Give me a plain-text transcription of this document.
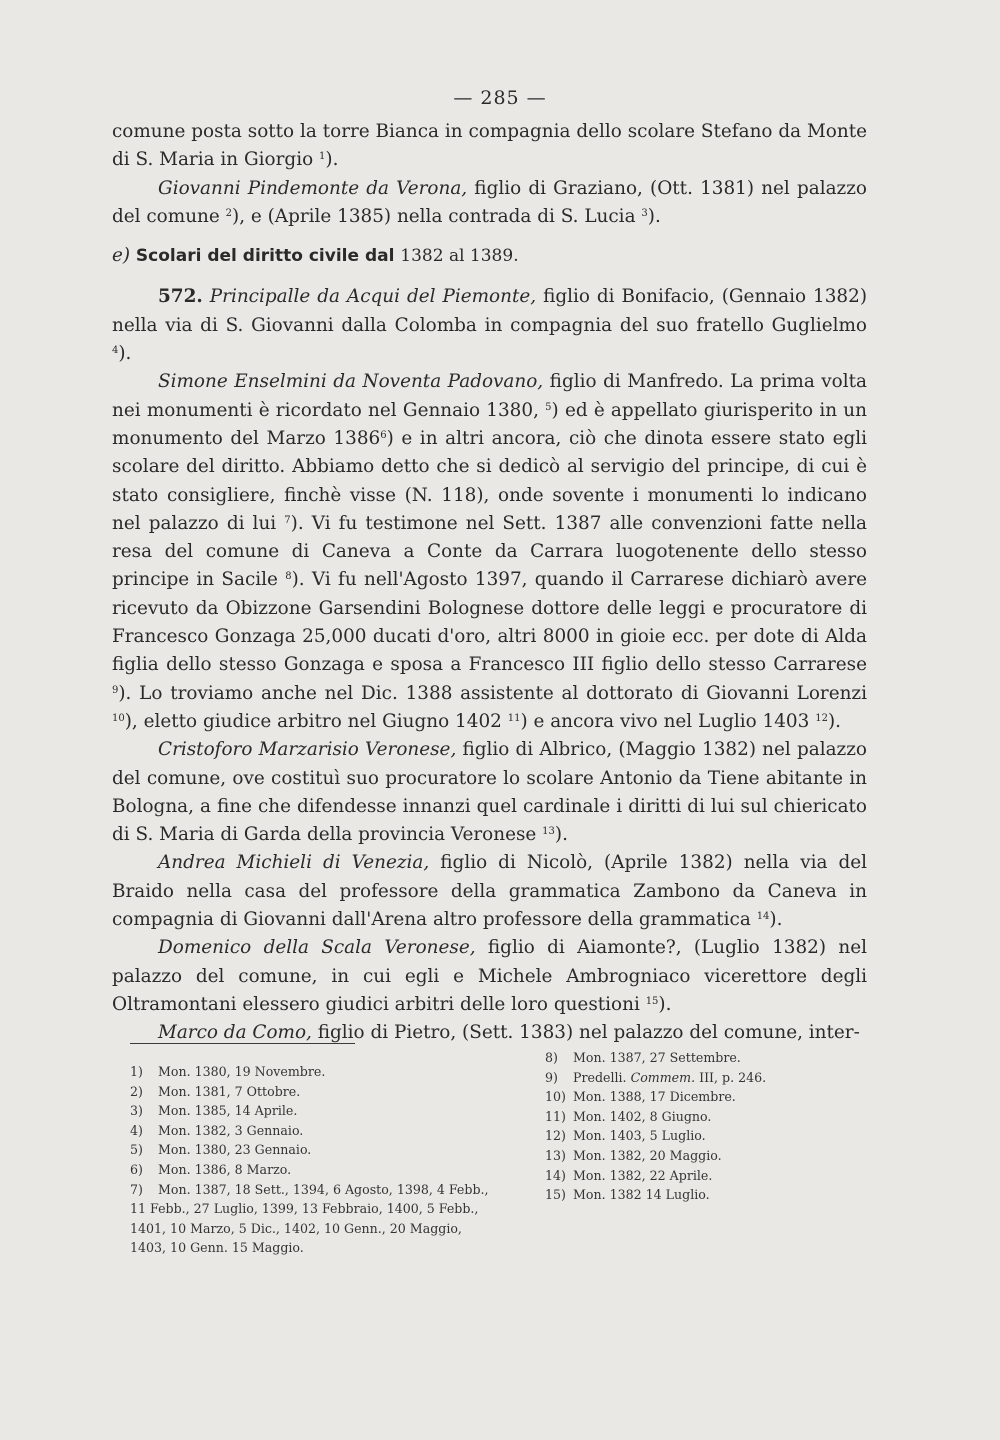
— 285 —

comune posta sotto la torre Bianca in compagnia dello scolare Stefano da Monte di S. Maria in Giorgio $^1$).

Giovanni Pindemonte da Verona, figlio di Graziano, (Ott. 1381) nel palazzo del comune $^2$), e (Aprile 1385) nella contrada di S. Lucia $^3$).

e) Scolari del diritto civile dal 1382 al 1389.

572. Principalle da Acqui del Piemonte, figlio di Bonifacio, (Gennaio 1382) nella via di S. Giovanni dalla Colomba in compagnia del suo fratello Guglielmo $^4$).

Simone Enselmini da Noventa Padovano, figlio di Manfredo. La prima volta nei monumenti è ricordato nel Gennaio 1380, $^5$) ed è appellato giurisperito in un monumento del Marzo 1386$^6$) e in altri ancora, ciò che dinota essere stato egli scolare del diritto. Abbiamo detto che si dedicò al servigio del principe, di cui è stato consigliere, finchè visse (N. 118), onde sovente i monumenti lo indicano nel palazzo di lui $^7$). Vi fu testimone nel Sett. 1387 alle convenzioni fatte nella resa del comune di Caneva a Conte da Carrara luogotenente dello stesso principe in Sacile $^8$). Vi fu nell'Agosto 1397, quando il Carrarese dichiarò avere ricevuto da Obizzone Garsendini Bolognese dottore delle leggi e procuratore di Francesco Gonzaga 25,000 ducati d'oro, altri 8000 in gioie ecc. per dote di Alda figlia dello stesso Gonzaga e sposa a Francesco III figlio dello stesso Carrarese $^9$). Lo troviamo anche nel Dic. 1388 assistente al dottorato di Giovanni Lorenzi $^{10}$), eletto giudice arbitro nel Giugno 1402 $^{11}$) e ancora vivo nel Luglio 1403 $^{12}$).

Cristoforo Marzarisio Veronese, figlio di Albrico, (Maggio 1382) nel palazzo del comune, ove costituì suo procuratore lo scolare Antonio da Tiene abitante in Bologna, a fine che difendesse innanzi quel cardinale i diritti di lui sul chiericato di S. Maria di Garda della provincia Veronese $^{13}$).

Andrea Michieli di Venezia, figlio di Nicolò, (Aprile 1382) nella via del Braido nella casa del professore della grammatica Zambono da Caneva in compagnia di Giovanni dall'Arena altro professore della grammatica $^{14}$).

Domenico della Scala Veronese, figlio di Aiamonte?, (Luglio 1382) nel palazzo del comune, in cui egli e Michele Ambrogniaco vicerettore degli Oltramontani elessero giudici arbitri delle loro questioni $^{15}$).

Marco da Como, figlio di Pietro, (Sett. 1383) nel palazzo del comune, inter-

1) Mon. 1380, 19 Novembre.
2) Mon. 1381, 7 Ottobre.
3) Mon. 1385, 14 Aprile.
4) Mon. 1382, 3 Gennaio.
5) Mon. 1380, 23 Gennaio.
6) Mon. 1386, 8 Marzo.
7) Mon. 1387, 18 Sett., 1394, 6 Agosto, 1398, 4 Febb., 11 Febb., 27 Luglio, 1399, 13 Febbraio, 1400, 5 Febb., 1401, 10 Marzo, 5 Dic., 1402, 10 Genn., 20 Maggio, 1403, 10 Genn. 15 Maggio.
8) Mon. 1387, 27 Settembre.
9) Predelli. Commem. III, p. 246.
10) Mon. 1388, 17 Dicembre.
11) Mon. 1402, 8 Giugno.
12) Mon. 1403, 5 Luglio.
13) Mon. 1382, 20 Maggio.
14) Mon. 1382, 22 Aprile.
15) Mon. 1382 14 Luglio.
